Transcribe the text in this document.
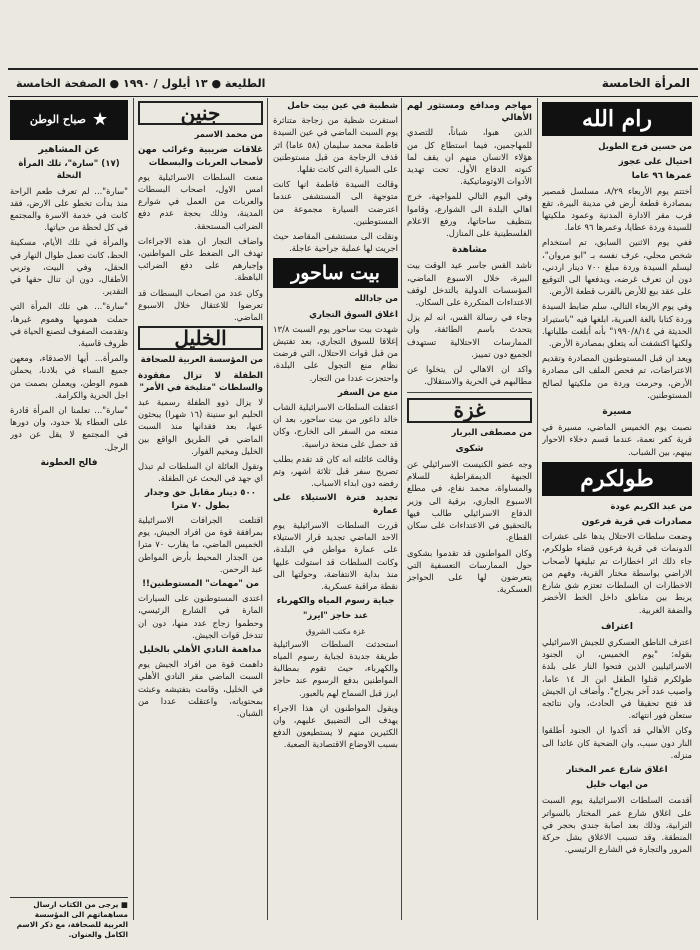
المرأة الخامسة
الطليعة ● ١٣ أيلول / ١٩٩٠ ● الصفحة الخامسة
رام الله
من حسين فرج الطويل
احتيال على عجوز
عمرها ٩٦ عاما

أختتم يوم الأربعاء ٨/٢٩، مسلسل قمصير بمصادرة قطعة أرض في مدينة البيرة، تقع قرب مقر الادارة المدنية وعمود ملكيتها للسيدة وردة عطايا، وعمرها ٩٦ عاما.

ففي يوم الاثنين السابق، تم استخدام شخص محلي، عرف نفسه بـ "ابو مروان"، ليسلم السيدة وردة مبلغ ٧٠٠ دينار اردني، دون ان تعرف غرضه، ويدفعها الى التوقيع على عقد بيع للأرض بالقرب قطعة الأرض.

وفي يوم الاربعاء التالي، سلم ضابط السيدة وردة كتابا بالغة العبرية، ابلغها فيه "باستيراد الحديثة في ١٩٩٠/٨/١٤" بأنه أبلغت طلباتها. ولكنها اكتشفت أنه يتعلق بمصادرة الأرض.

ويعد ان قبل المستوطنون المصادرة وتقديم الاعتراضات، تم فحص الملف الى مصادرة الأرض، وحرمت وردة من ملكيتها لصالح المستوطنين.

مسيرة

نصبت يوم الخميس الماضي، مسيرة في قرية كفر نعمة، عندما قسم دخلاء الاحوار بينهم، بين الشباب.

طولكرم
من عبد الكريم عودة
مصادرات في قرية فرعون

وضعت سلطات الاحتلال يدها على عشرات الدونمات في قرية فرعون قضاء طولكرم، جاء ذلك اثر اخطارات تم تبليغها لأصحاب الاراضي بواسطة مختار القرية، وفهم من الاخطارات ان السلطات تعتزم شق شارع يربط بين مناطق داخل الخط الأخضر والضفة الغربية.

اعتراف

اعترف الناطق العسكري للجيش الاسرائيلي بقوله: "يوم الخميس، ان الجنود الاسرائيليين الذين فتحوا النار على بلدة طولكرم قتلوا الطفل ابن الـ ١٤ عاما، واصيب عدد آخر بجراح". وأضاف ان الجيش قد فتح تحقيقا في الحادث، وان نتائجه ستعلن فور انتهائه.

وكان الأهالي قد أكدوا ان الجنود أطلقوا النار دون سبب، وان الضحية كان عائدا الى منزله.

اغلاق شارع عمر المختار
من ايهاب خليل

أقدمت السلطات الاسرائيلية يوم السبت على اغلاق شارع عمر المختار بالسواتر الترابية، وذلك بعد اصابة جندي بحجر في المنطقة. وقد تسبب الاغلاق بشل حركة المرور والتجارة في الشارع الرئيسي.

مهاجم ومدافع ومستثور لهم الأهالي

الذين هبوا، شباناً، للتصدي للمهاجمين، فيما استطاع كل من هؤلاء الانسان منهم ان يقف لما كنوته الدفاع الأول. تحت تهديد الأدوات الاوتوماتيكية.

وفي اليوم التالي للمواجهة، خرج اهالي البلدة الى الشوارع، وقاموا بتنظيف ساحاتها، ورفع الاعلام الفلسطينية على المنازل.

مشاهدة

ناشد القس جاسر عيد الوقت بيت البيرة، خلال الاسبوع الماضي، المؤسسات الدولية بالتدخل لوقف الاعتداءات المتكررة على السكان.

وجاء في رسالة القس، انه لم يزل يتحدث باسم الطائفة، وان الممارسات الاحتلالية تستهدف الجميع دون تمييز.

واكد ان الاهالي لن يتخلوا عن مطالبهم في الحرية والاستقلال.

غزة
من مصطفى البربار
شكوى

وجه عضو الكنيست الاسرائيلي عن الجبهة الديمقراطية للسلام والمساواة، محمد نفاع، في مطلع الاسبوع الجاري، برقية الى وزير الدفاع الاسرائيلي طالب فيها بالتحقيق في الاعتداءات على سكان القطاع.

وكان المواطنون قد تقدموا بشكوى حول الممارسات التعسفية التي يتعرضون لها على الحواجز العسكرية.

شطبية في عين بيت حامل

استقرت شظية من زجاجة متناثرة يوم السبت الماضي في عين السيدة فاطمة محمد سليمان (٥٨ عاما) اثر قذف الزجاجة من قبل مستوطنين على السيارة التي كانت تقلها.

وقالت السيدة فاطمة انها كانت متوجهة الى المستشفى عندما اعترضت السيارة مجموعة من المستوطنين.

ونقلت الى مستشفى المقاصد حيث اجريت لها عملية جراحية عاجلة.

بيت ساحور
من جادالله
اغلاق السوق التجاري

شهدت بيت ساحور يوم السبت ١٣/٨ إغلاقا للسوق التجاري، بعد تفتيش من قبل قوات الاحتلال، التي فرضت نظام منع التجول على البلدة، واحتجزت عددا من التجار.

منع من السفر

اعتقلت السلطات الاسرائيلية الشاب خالد داعور من بيت ساحور، بعد ان منعته من السفر الى الخارج، وكان قد حصل على منحة دراسية.

وقالت عائلته انه كان قد تقدم بطلب تصريح سفر قبل ثلاثة اشهر، وتم رفضه دون ابداء الاسباب.

تجديد فترة الاستيلاء على عمارة

قررت السلطات الاسرائيلية يوم الاحد الماضي تجديد قرار الاستيلاء على عمارة مواطن في البلدة، وكانت السلطات قد استولت عليها منذ بداية الانتفاضة، وحولتها الى نقطة مراقبة عسكرية.

جباية رسوم المياه والكهرباء
عند حاجز "ايرز"
غزة مكتب الشروق

استحدثت السلطات الاسرائيلية طريقة جديدة لجباية رسوم المياه والكهرباء، حيث تقوم بمطالبة المواطنين بدفع الرسوم عند حاجز ايرز قبل السماح لهم بالعبور.

ويقول المواطنون ان هذا الاجراء يهدف الى التضييق عليهم، وان الكثيرين منهم لا يستطيعون الدفع بسبب الاوضاع الاقتصادية الصعبة.

جنين
من محمد الاسمر
غلاقات ضريبية وغرائب مهن لأصحاب العربات والبسطات

منعت السلطات الاسرائيلية يوم امس الاول، اصحاب البسطات والعربات من العمل في شوارع المدينة، وذلك بحجة عدم دفع الضرائب المستحقة.

واضاف التجار ان هذه الاجراءات تهدف الى الضغط على المواطنين، وإجبارهم على دفع الضرائب الباهظة.

وكان عدد من اصحاب البسطات قد تعرضوا للاعتقال خلال الاسبوع الماضي.

الخليل
من المؤسسة العربية للصحافة
الطفلة لا تزال مفقودة والسلطات "متلبخة في الأمر"

لا يزال ذوو الطفلة رسمية عبد الحليم ابو سنينة (١٦ شهرا) يبحثون عنها، بعد فقدانها منذ السبت الماضي في الطريق الواقع بين الخليل ومخيم الفوار.

وتقول العائلة ان السلطات لم تبذل اي جهد في البحث عن الطفلة.

٥٠٠ دينار مقابل حق وجدار بطول ٧٠ مترا

اقتلعت الجرافات الاسرائيلية بمرافقة قوة من افراد الجيش، يوم الخميس الماضي، ما يقارب ٧٠ مترا من الجدار المحيط بأرض المواطن عبد الرحمن.

من "مهمات" المستوطنين!!

اعتدى المستوطنون على السيارات المارة في الشارع الرئيسي، وحطموا زجاج عدد منها، دون ان تتدخل قوات الجيش.

مداهمة النادي الأهلي بالخليل

داهمت قوة من افراد الجيش يوم السبت الماضي مقر النادي الأهلي في الخليل، وقامت بتفتيشه وعبثت بمحتوياته، واعتقلت عددا من الشبان.

★
صباح الوطن
عن المشاهير
(١٧) "سارة"، تلك المرأة النحلة

"سارة"... لم تعرف طعم الراحة منذ بدأت تخطو على الارض، فقد كانت في خدمة الاسرة والمجتمع في كل لحظة من حياتها.

والمرأة في تلك الأيام، مسكينة الحظ، كانت تعمل طوال النهار في الحقل، وفي البيت، وتربي الأطفال، دون ان تنال حقها في التقدير.

"سارة"... هي تلك المرأة التي حملت همومها وهموم غيرها، وتقدمت الصفوف لتصنع الحياة في ظروف قاسية.

والمرأة... أيها الاصدقاء، ومعهن جميع النساء في بلادنا، يحملن هموم الوطن، ويعملن بصمت من اجل الحرية والكرامة.

"سارة"... تعلمنا ان المرأة قادرة على العطاء بلا حدود، وان دورها في المجتمع لا يقل عن دور الرجل.

فالح العطونة
■ يرجى من الكتاب ارسال مساهماتهم الى المؤسسة العربية للصحافة، مع ذكر الاسم الكامل والعنوان.
